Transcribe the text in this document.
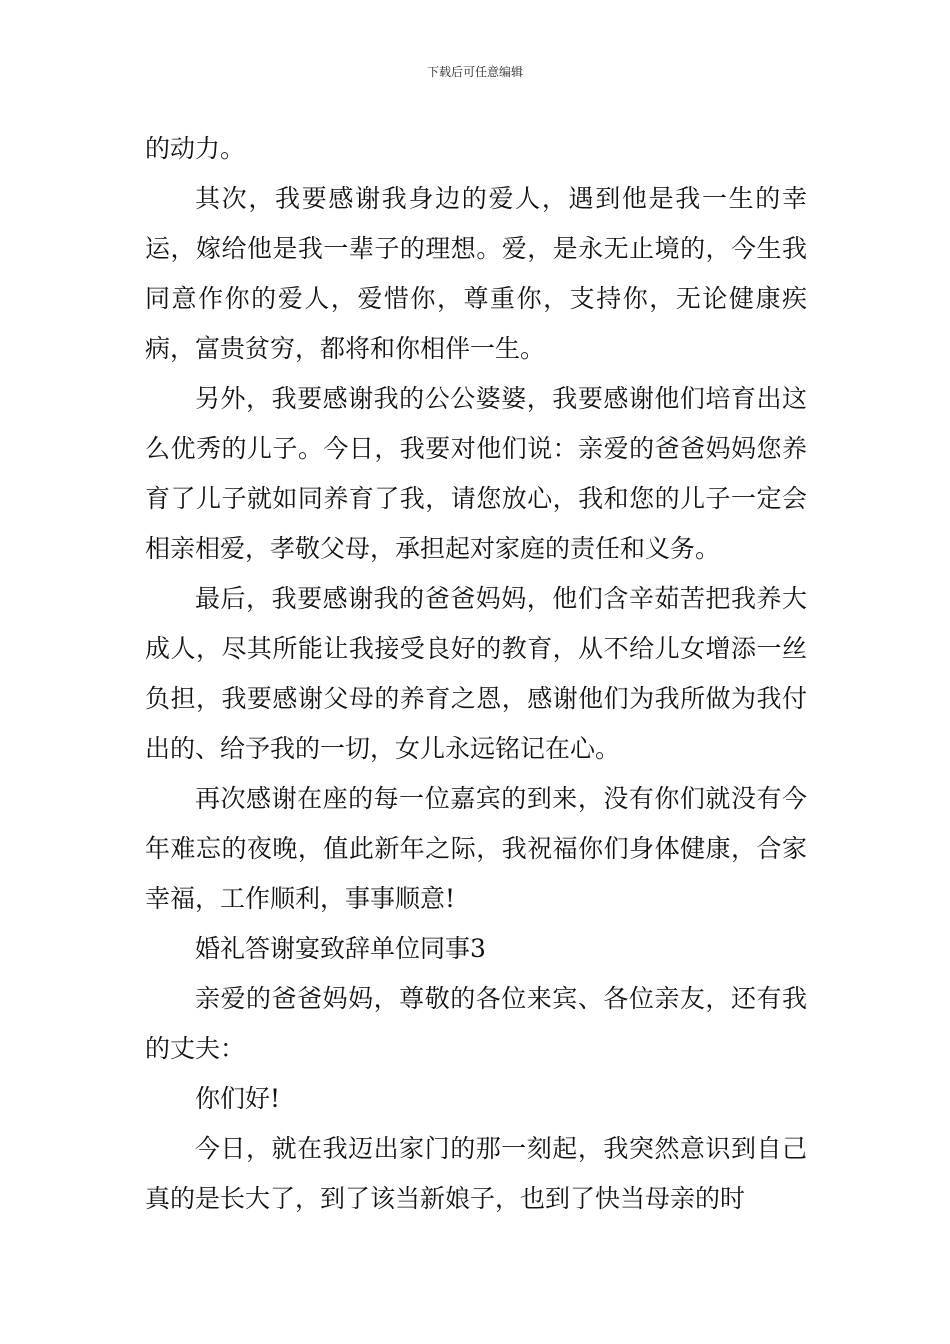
下载后可任意编辑

的动力。

其次，我要感谢我身边的爱人，遇到他是我一生的幸运，嫁给他是我一辈子的理想。爱，是永无止境的，今生我同意作你的爱人，爱惜你，尊重你，支持你，无论健康疾病，富贵贫穷，都将和你相伴一生。

另外，我要感谢我的公公婆婆，我要感谢他们培育出这么优秀的儿子。今日，我要对他们说：亲爱的爸爸妈妈您养育了儿子就如同养育了我，请您放心，我和您的儿子一定会相亲相爱，孝敬父母，承担起对家庭的责任和义务。

最后，我要感谢我的爸爸妈妈，他们含辛茹苦把我养大成人，尽其所能让我接受良好的教育，从不给儿女增添一丝负担，我要感谢父母的养育之恩，感谢他们为我所做为我付出的、给予我的一切，女儿永远铭记在心。

再次感谢在座的每一位嘉宾的到来，没有你们就没有今年难忘的夜晚，值此新年之际，我祝福你们身体健康，合家幸福，工作顺利，事事顺意!

婚礼答谢宴致辞单位同事3

亲爱的爸爸妈妈，尊敬的各位来宾、各位亲友，还有我的丈夫：

你们好!

今日，就在我迈出家门的那一刻起，我突然意识到自己真的是长大了，到了该当新娘子，也到了快当母亲的时
